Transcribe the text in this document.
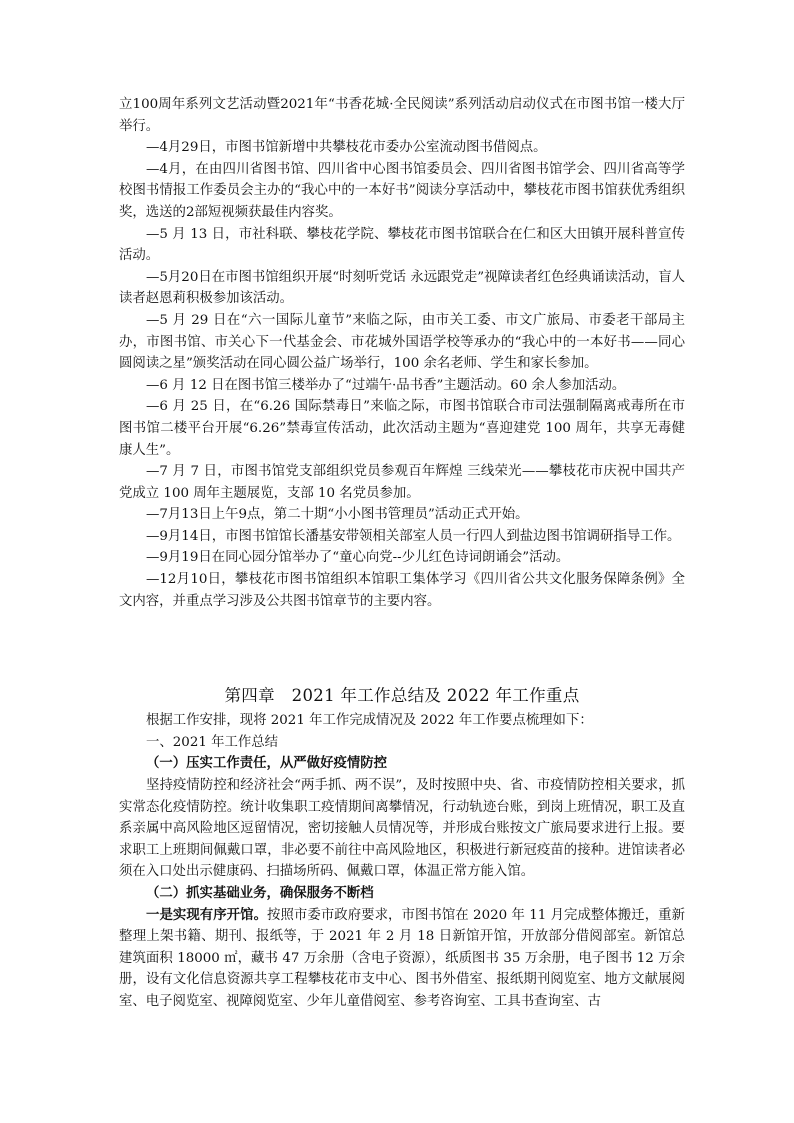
立100周年系列文艺活动暨2021年“书香花城·全民阅读”系列活动启动仪式在市图书馆一楼大厅举行。

—4月29日，市图书馆新增中共攀枝花市委办公室流动图书借阅点。

—4月，在由四川省图书馆、四川省中心图书馆委员会、四川省图书馆学会、四川省高等学校图书情报工作委员会主办的“我心中的一本好书”阅读分享活动中，攀枝花市图书馆获优秀组织奖，选送的2部短视频获最佳内容奖。

—5 月 13 日，市社科联、攀枝花学院、攀枝花市图书馆联合在仁和区大田镇开展科普宣传活动。

—5月20日在市图书馆组织开展“时刻听党话 永远跟党走”视障读者红色经典诵读活动，盲人读者赵恩莉积极参加该活动。

—5 月 29 日在“六一国际儿童节”来临之际，由市关工委、市文广旅局、市委老干部局主办，市图书馆、市关心下一代基金会、市花城外国语学校等承办的“我心中的一本好书——同心圆阅读之星”颁奖活动在同心圆公益广场举行，100 余名老师、学生和家长参加。

—6 月 12 日在图书馆三楼举办了“过端午·品书香”主题活动。60 余人参加活动。

—6 月 25 日，在“6.26 国际禁毒日”来临之际，市图书馆联合市司法强制隔离戒毒所在市图书馆二楼平台开展“6.26”禁毒宣传活动，此次活动主题为“喜迎建党 100 周年，共享无毒健康人生”。

—7 月 7 日，市图书馆党支部组织党员参观百年辉煌 三线荣光——攀枝花市庆祝中国共产党成立 100 周年主题展览，支部 10 名党员参加。

—7月13日上午9点，第二十期“小小图书管理员”活动正式开始。

—9月14日，市图书馆馆长潘基安带领相关部室人员一行四人到盐边图书馆调研指导工作。

—9月19日在同心园分馆举办了“童心向党--少儿红色诗词朗诵会”活动。

—12月10日，攀枝花市图书馆组织本馆职工集体学习《四川省公共文化服务保障条例》全文内容，并重点学习涉及公共图书馆章节的主要内容。

第四章　2021 年工作总结及 2022 年工作重点

根据工作安排，现将 2021 年工作完成情况及 2022 年工作要点梳理如下：

一、2021 年工作总结

（一）压实工作责任，从严做好疫情防控

坚持疫情防控和经济社会“两手抓、两不误”，及时按照中央、省、市疫情防控相关要求，抓实常态化疫情防控。统计收集职工疫情期间离攀情况，行动轨迹台账，到岗上班情况，职工及直系亲属中高风险地区逗留情况，密切接触人员情况等，并形成台账按文广旅局要求进行上报。要求职工上班期间佩戴口罩，非必要不前往中高风险地区，积极进行新冠疫苗的接种。进馆读者必须在入口处出示健康码、扫描场所码、佩戴口罩，体温正常方能入馆。

（二）抓实基础业务，确保服务不断档

一是实现有序开馆。按照市委市政府要求，市图书馆在 2020 年 11 月完成整体搬迁，重新整理上架书籍、期刊、报纸等，于 2021 年 2 月 18 日新馆开馆，开放部分借阅部室。新馆总建筑面积 18000 ㎡，藏书 47 万余册（含电子资源），纸质图书 35 万余册，电子图书 12 万余册，设有文化信息资源共享工程攀枝花市支中心、图书外借室、报纸期刊阅览室、地方文献展阅室、电子阅览室、视障阅览室、少年儿童借阅室、参考咨询室、工具书查询室、古
